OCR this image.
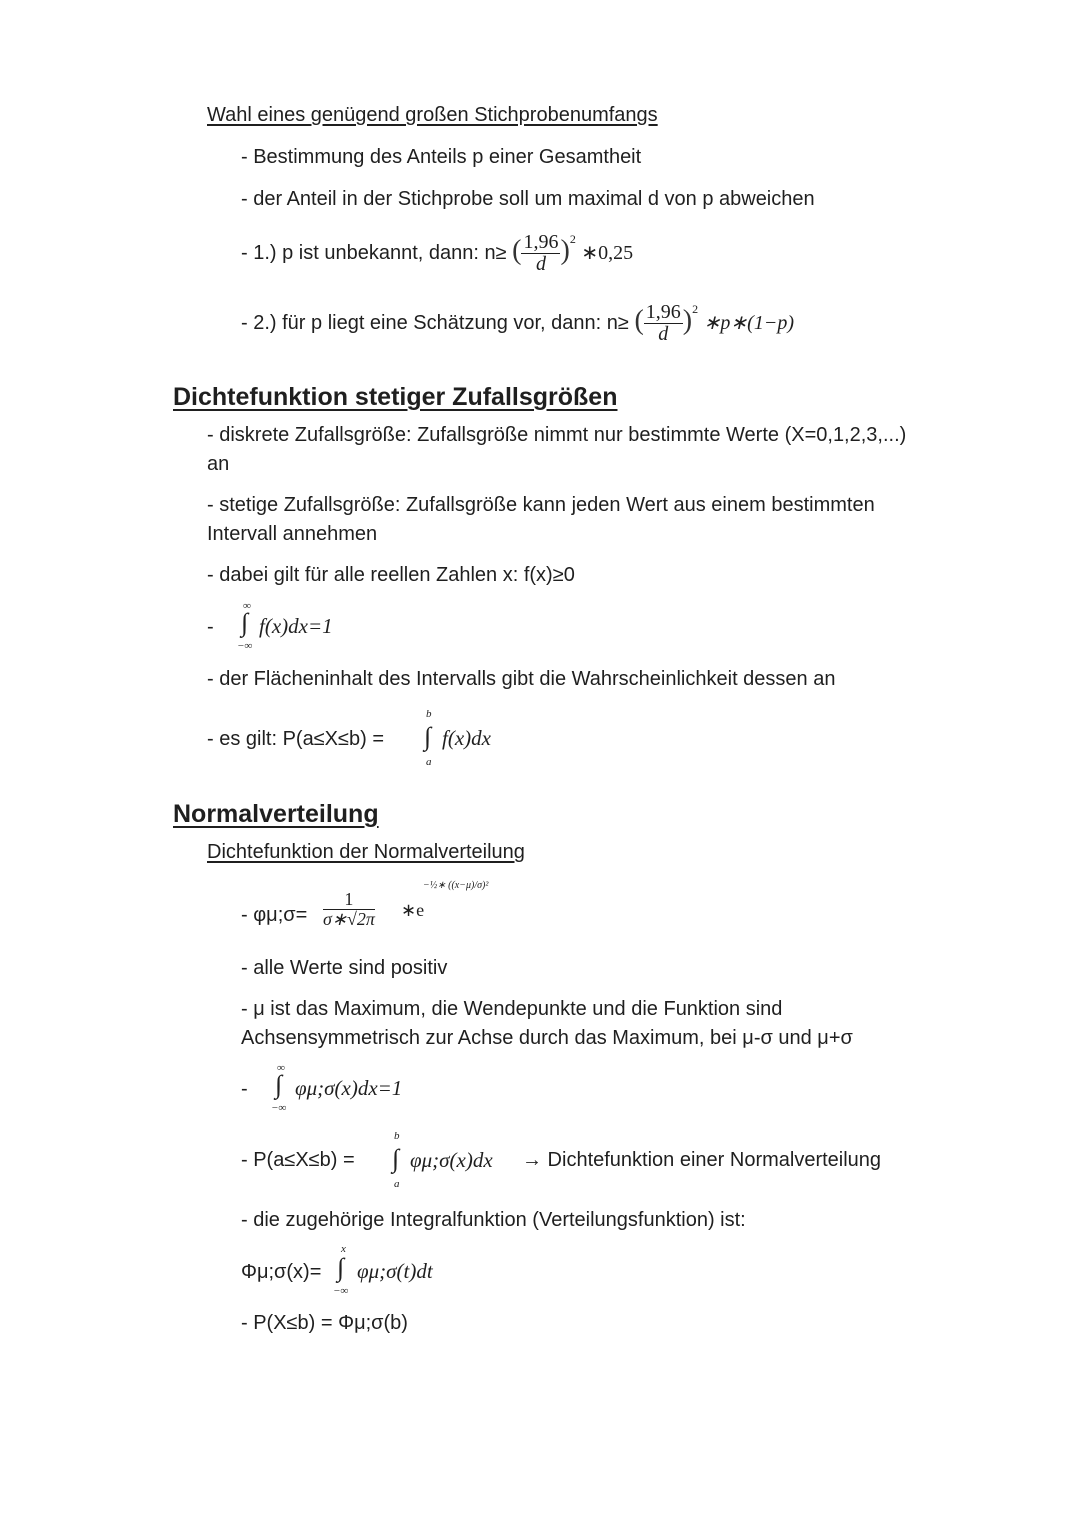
Wahl eines genügend großen Stichprobenumfangs
- Bestimmung des Anteils p einer Gesamtheit
- der Anteil in der Stichprobe soll um maximal d von p abweichen
- 1.) p ist unbekannt, dann: n≥ ( $\frac{1,96}{d} )^2$ ∗0,25
- 2.) für p liegt eine Schätzung vor, dann: n≥ ( $\frac{1,96}{d} )^2$ ∗p∗(1−p)
Dichtefunktion stetiger Zufallsgrößen
- diskrete Zufallsgröße: Zufallsgröße nimmt nur bestimmte Werte (X=0,1,2,3,...)
an
- stetige Zufallsgröße: Zufallsgröße kann jeden Wert aus einem bestimmten
Intervall annehmen
- dabei gilt für alle reellen Zahlen x: f(x)≥0
-
∞
∫
−∞
f(x)dx=1
- der Flächeninhalt des Intervalls gibt die Wahrscheinlichkeit dessen an
- es gilt: P(a≤X≤b) =
b
∫
a
f(x)dx
Normalverteilung
Dichtefunktion der Normalverteilung
- φμ;σ= $\frac{1}{\sigma∗√2\pi}$ ∗e
−½∗ ((x−μ)/σ)²
- alle Werte sind positiv
- μ ist das Maximum, die Wendepunkte und die Funktion sind
Achsensymmetrisch zur Achse durch das Maximum, bei μ-σ und μ+σ
-
∞
∫
−∞
φμ;σ(x)dx=1
- P(a≤X≤b) =
b
∫
a
φμ;σ(x)dx → Dichtefunktion einer Normalverteilung
- die zugehörige Integralfunktion (Verteilungsfunktion) ist:
Φμ;σ(x)=
x
∫
−∞
φμ;σ(t)dt
- P(X≤b) = Φμ;σ(b)
